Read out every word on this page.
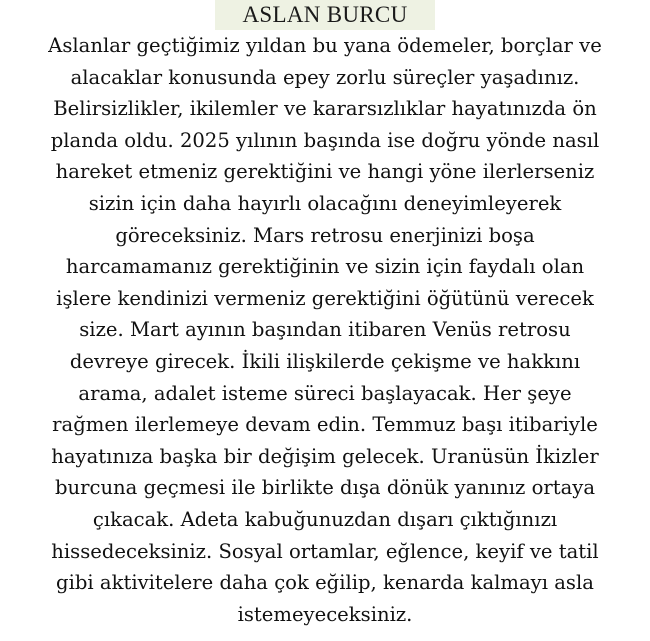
ASLAN BURCU

Aslanlar geçtiğimiz yıldan bu yana ödemeler, borçlar ve
alacaklar konusunda epey zorlu süreçler yaşadınız.
Belirsizlikler, ikilemler ve kararsızlıklar hayatınızda ön
planda oldu. 2025 yılının başında ise doğru yönde nasıl
hareket etmeniz gerektiğini ve hangi yöne ilerlerseniz
sizin için daha hayırlı olacağını deneyimleyerek
göreceksiniz. Mars retrosu enerjinizi boşa
harcamamanız gerektiğinin ve sizin için faydalı olan
işlere kendinizi vermeniz gerektiğini öğütünü verecek
size. Mart ayının başından itibaren Venüs retrosu
devreye girecek. İkili ilişkilerde çekişme ve hakkını
arama, adalet isteme süreci başlayacak. Her şeye
rağmen ilerlemeye devam edin. Temmuz başı itibariyle
hayatınıza başka bir değişim gelecek. Uranüsün İkizler
burcuna geçmesi ile birlikte dışa dönük yanınız ortaya
çıkacak. Adeta kabuğunuzdan dışarı çıktığınızı
hissedeceksiniz. Sosyal ortamlar, eğlence, keyif ve tatil
gibi aktivitelere daha çok eğilip, kenarda kalmayı asla
istemeyeceksiniz.
